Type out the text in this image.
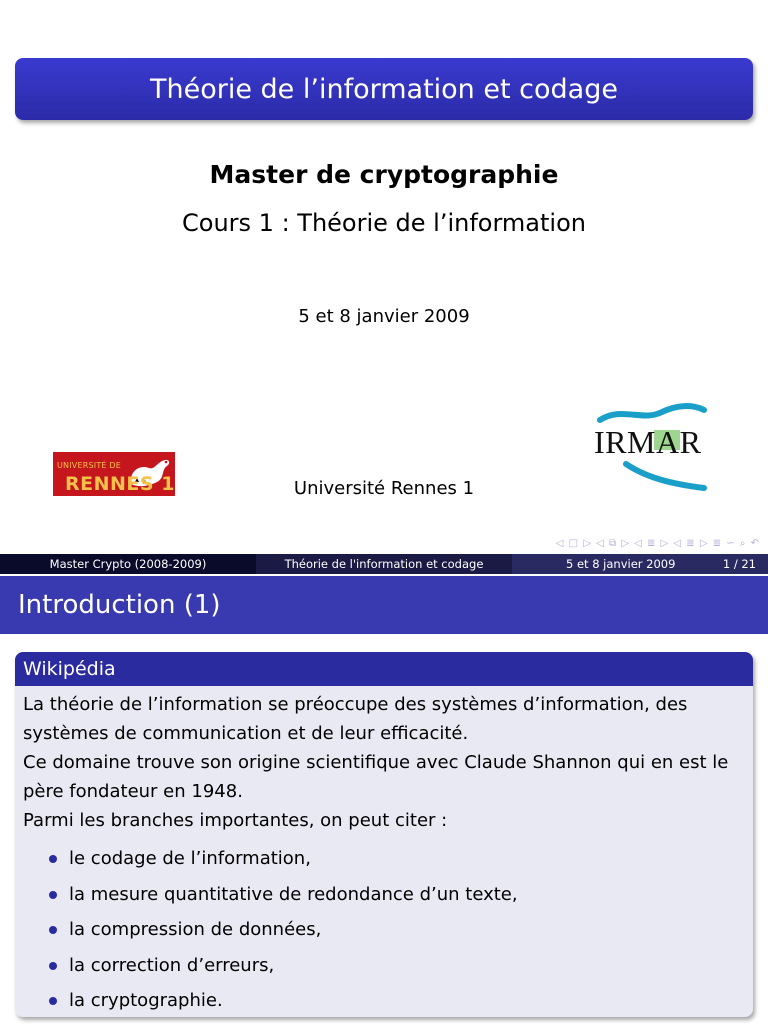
Théorie de l’information et codage
Master de cryptographie
Cours 1 : Théorie de l’information
5 et 8 janvier 2009
Université Rennes 1
UNIVERSITÉ DE
RENNES 1
IRMAR
◁ □ ▷ ◁ ⧉ ▷ ◁ ≣ ▷ ◁ ≣ ▷ ≣ ∽ ⌕ ↶
Master Crypto (2008-2009)	Théorie de l'information et codage	5 et 8 janvier 2009	1 / 21
Introduction (1)
Wikipédia

La théorie de l’information se préoccupe des systèmes d’information, des systèmes de communication et de leur efficacité.

Ce domaine trouve son origine scientifique avec Claude Shannon qui en est le père fondateur en 1948.

Parmi les branches importantes, on peut citer :

le codage de l’information,
la mesure quantitative de redondance d’un texte,
la compression de données,
la correction d’erreurs,
la cryptographie.
